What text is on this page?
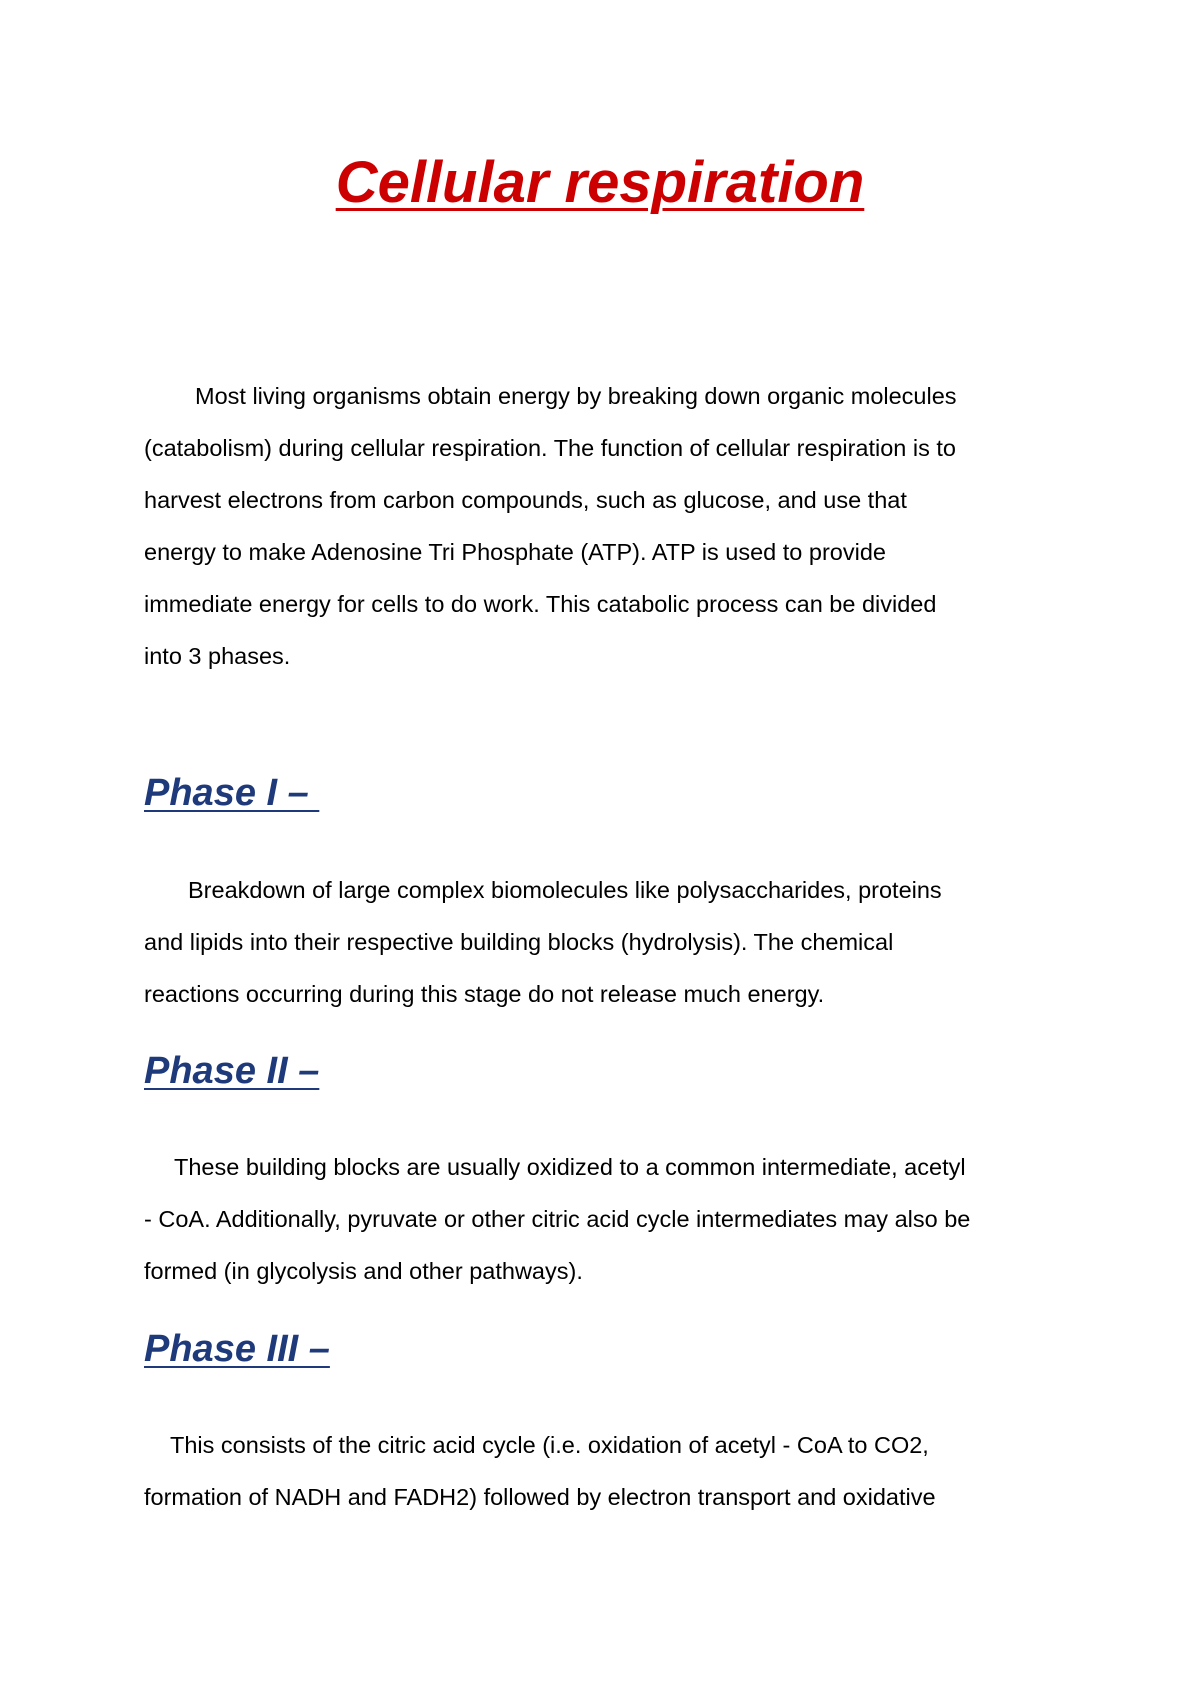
Cellular respiration

Most living organisms obtain energy by breaking down organic molecules
(catabolism) during cellular respiration. The function of cellular respiration is to
harvest electrons from carbon compounds, such as glucose, and use that
energy to make Adenosine Tri Phosphate (ATP). ATP is used to provide
immediate energy for cells to do work. This catabolic process can be divided
into 3 phases.

Phase I –

Breakdown of large complex biomolecules like polysaccharides, proteins
and lipids into their respective building blocks (hydrolysis). The chemical
reactions occurring during this stage do not release much energy.

Phase II –

These building blocks are usually oxidized to a common intermediate, acetyl
- CoA. Additionally, pyruvate or other citric acid cycle intermediates may also be
formed (in glycolysis and other pathways).

Phase III –

This consists of the citric acid cycle (i.e. oxidation of acetyl - CoA to CO2,
formation of NADH and FADH2) followed by electron transport and oxidative
